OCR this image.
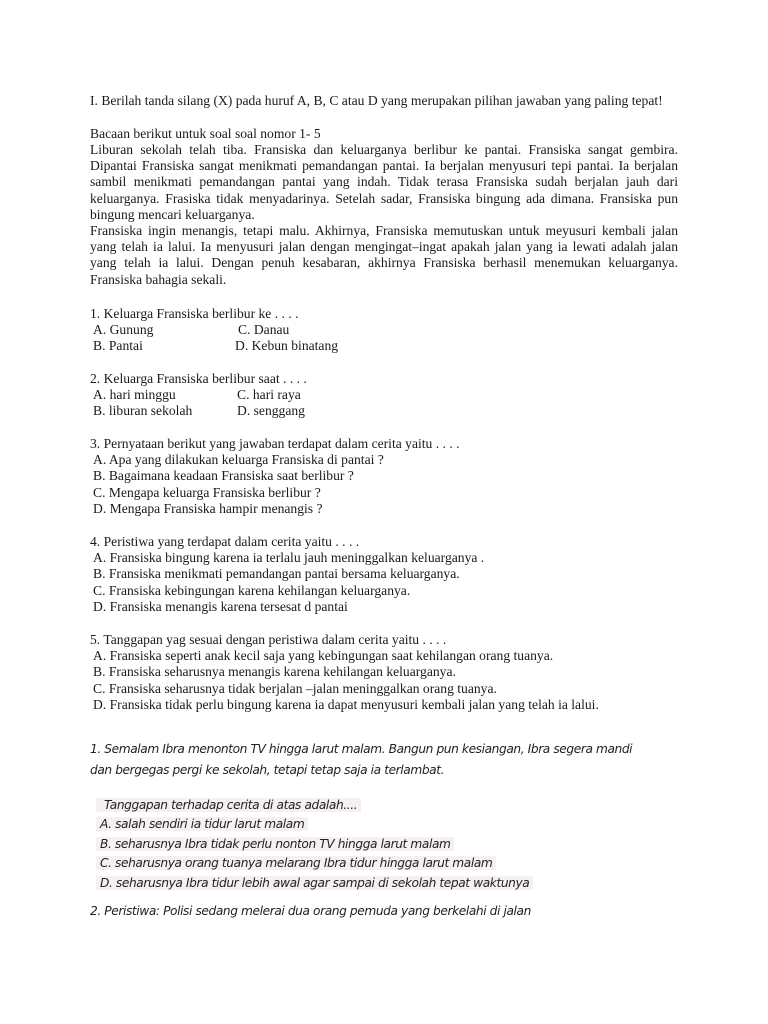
I. Berilah tanda silang (X) pada huruf A, B, C atau D yang merupakan pilihan jawaban yang paling tepat!
Bacaan berikut untuk soal soal nomor 1- 5

Liburan sekolah telah tiba. Fransiska dan keluarganya berlibur ke pantai. Fransiska sangat gembira. Dipantai Fransiska sangat menikmati pemandangan pantai. Ia berjalan menyusuri tepi pantai. Ia berjalan sambil menikmati pemandangan pantai yang indah. Tidak terasa Fransiska sudah berjalan jauh dari keluarganya. Frasiska tidak menyadarinya. Setelah sadar, Fransiska bingung ada dimana. Fransiska pun bingung mencari keluarganya.

Fransiska ingin menangis, tetapi malu. Akhirnya, Fransiska memutuskan untuk meyusuri kembali jalan yang telah ia lalui. Ia menyusuri jalan dengan mengingat–ingat apakah jalan yang ia lewati adalah jalan yang telah ia lalui. Dengan penuh kesabaran, akhirnya Fransiska berhasil menemukan keluarganya. Fransiska bahagia sekali.

1. Keluarga Fransiska berlibur ke . . . .
A. Gunung	C. Danau
B. Pantai	D. Kebun binatang
2. Keluarga Fransiska berlibur saat . . . .
A. hari minggu	C. hari raya
B. liburan sekolah	D. senggang
3. Pernyataan berikut yang jawaban terdapat dalam cerita yaitu . . . .
A. Apa yang dilakukan keluarga Fransiska di pantai ?
B. Bagaimana keadaan Fransiska saat berlibur ?
C. Mengapa keluarga Fransiska berlibur ?
D. Mengapa Fransiska hampir menangis ?
4. Peristiwa yang terdapat dalam cerita yaitu . . . .
A. Fransiska bingung karena ia terlalu jauh meninggalkan keluarganya .
B. Fransiska menikmati pemandangan pantai bersama keluarganya.
C. Fransiska kebingungan karena kehilangan keluarganya.
D. Fransiska menangis karena tersesat d pantai
5. Tanggapan yag sesuai dengan peristiwa dalam cerita yaitu . . . .
A. Fransiska seperti anak kecil saja yang kebingungan saat kehilangan orang tuanya.
B. Fransiska seharusnya menangis karena kehilangan keluarganya.
C. Fransiska seharusnya tidak berjalan –jalan meninggalkan orang tuanya.
D. Fransiska tidak perlu bingung karena ia dapat menyusuri kembali jalan yang telah ia lalui.
1. Semalam Ibra menonton TV hingga larut malam. Bangun pun kesiangan, Ibra segera mandi
dan bergegas pergi ke sekolah, tetapi tetap saja ia terlambat.
Tanggapan terhadap cerita di atas adalah....
A. salah sendiri ia tidur larut malam
B. seharusnya Ibra tidak perlu nonton TV hingga larut malam
C. seharusnya orang tuanya melarang Ibra tidur hingga larut malam
D. seharusnya Ibra tidur lebih awal agar sampai di sekolah tepat waktunya
2. Peristiwa: Polisi sedang melerai dua orang pemuda yang berkelahi di jalan
